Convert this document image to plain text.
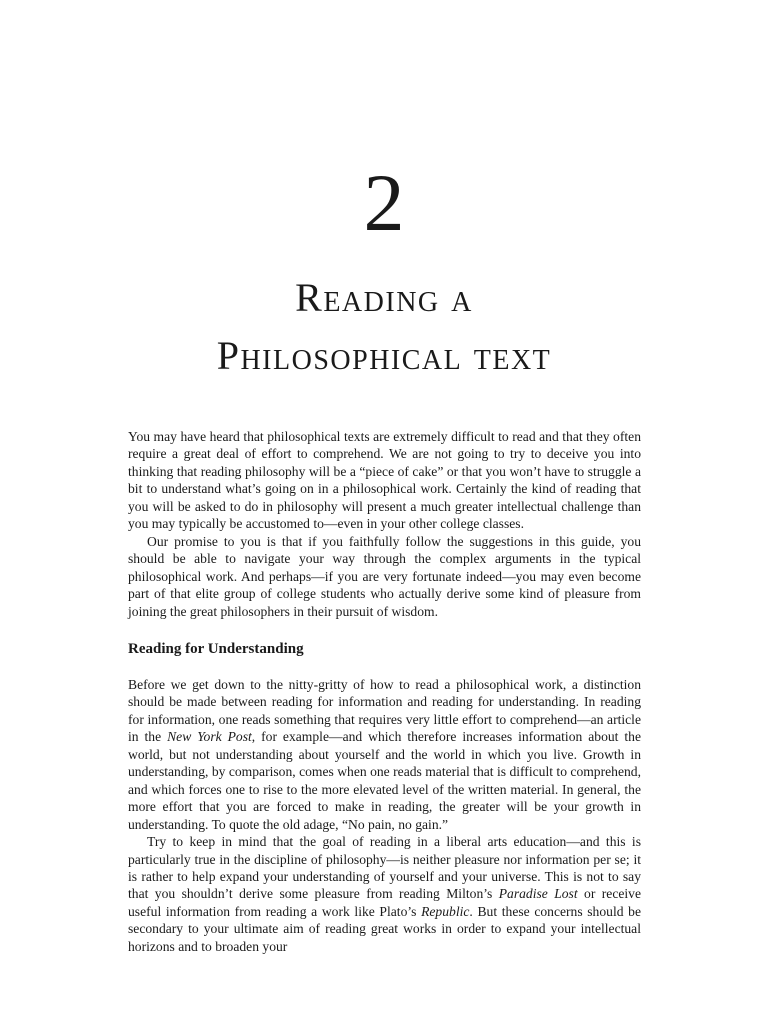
2
Reading a
Philosophical text

You may have heard that philosophical texts are extremely difficult to read and that they often require a great deal of effort to comprehend. We are not going to try to deceive you into thinking that reading philosophy will be a “piece of cake” or that you won’t have to struggle a bit to understand what’s going on in a philosophical work. Certainly the kind of reading that you will be asked to do in philosophy will present a much greater intellectual challenge than you may typically be accustomed to—even in your other college classes.

Our promise to you is that if you faithfully follow the suggestions in this guide, you should be able to navigate your way through the complex arguments in the typical philosophical work. And perhaps—if you are very fortunate indeed—you may even become part of that elite group of college students who actually derive some kind of pleasure from joining the great philosophers in their pursuit of wisdom.

Reading for Understanding

Before we get down to the nitty-gritty of how to read a philosophical work, a distinction should be made between reading for information and reading for understanding. In reading for information, one reads something that requires very little effort to comprehend—an article in the New York Post, for example—and which therefore increases information about the world, but not understanding about yourself and the world in which you live. Growth in understanding, by comparison, comes when one reads material that is difficult to comprehend, and which forces one to rise to the more elevated level of the written material. In general, the more effort that you are forced to make in reading, the greater will be your growth in understanding. To quote the old adage, “No pain, no gain.”

Try to keep in mind that the goal of reading in a liberal arts education—and this is particularly true in the discipline of philosophy—is neither pleasure nor information per se; it is rather to help expand your understanding of yourself and your universe. This is not to say that you shouldn’t derive some pleasure from reading Milton’s Paradise Lost or receive useful information from reading a work like Plato’s Republic. But these concerns should be secondary to your ultimate aim of reading great works in order to expand your intellectual horizons and to broaden your
